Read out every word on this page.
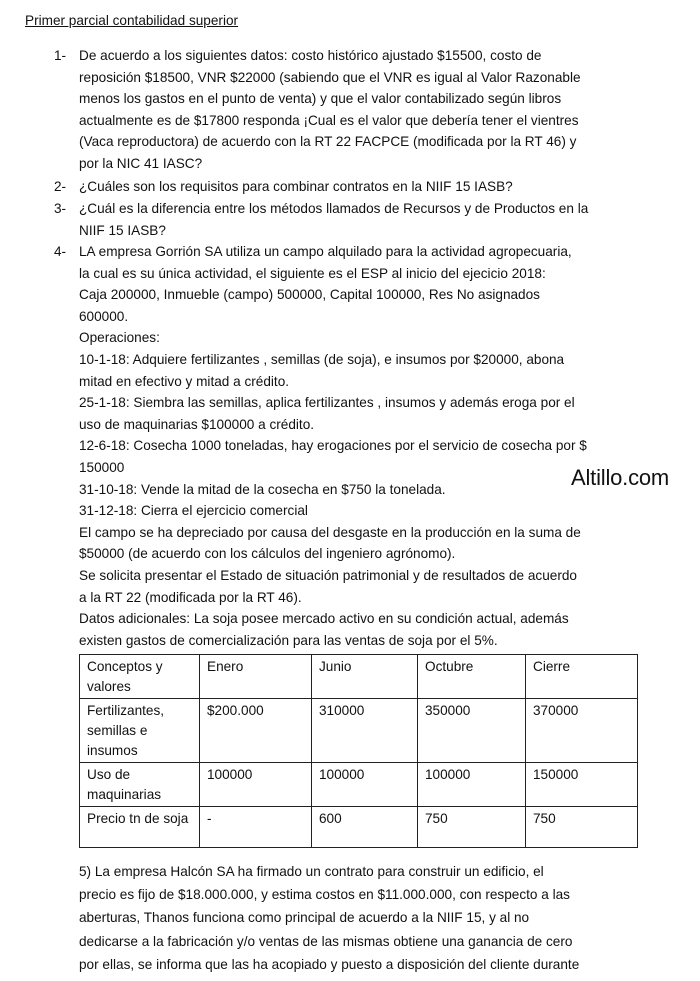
Primer parcial contabilidad superior
1- De acuerdo a los siguientes datos: costo histórico ajustado $15500, costo de
reposición $18500, VNR $22000 (sabiendo que el VNR es igual al Valor Razonable
menos los gastos en el punto de venta) y que el valor contabilizado según libros
actualmente es de $17800 responda ¡Cual es el valor que debería tener el vientres
(Vaca reproductora) de acuerdo con la RT 22 FACPCE (modificada por la RT 46) y
por la NIC 41 IASC?
2- ¿Cuáles son los requisitos para combinar contratos en la NIIF 15 IASB?
3- ¿Cuál es la diferencia entre los métodos llamados de Recursos y de Productos en la
NIIF 15 IASB?
4- LA empresa Gorrión SA utiliza un campo alquilado para la actividad agropecuaria,
la cual es su única actividad, el siguiente es el ESP al inicio del ejecicio 2018:
Caja 200000, Inmueble (campo) 500000, Capital 100000, Res No asignados
600000.
Operaciones:
10-1-18: Adquiere fertilizantes , semillas (de soja), e insumos por $20000, abona
mitad en efectivo y mitad a crédito.
25-1-18: Siembra las semillas, aplica fertilizantes , insumos y además eroga por el
uso de maquinarias $100000 a crédito.
12-6-18: Cosecha 1000 toneladas, hay erogaciones por el servicio de cosecha por $
150000
31-10-18: Vende la mitad de la cosecha en $750 la tonelada.
31-12-18: Cierra el ejercicio comercial
El campo se ha depreciado por causa del desgaste en la producción en la suma de
$50000 (de acuerdo con los cálculos del ingeniero agrónomo).
Se solicita presentar el Estado de situación patrimonial y de resultados de acuerdo
a la RT 22 (modificada por la RT 46).
Datos adicionales: La soja posee mercado activo en su condición actual, además
existen gastos de comercialización para las ventas de soja por el 5%.
Altillo.com
Conceptos y valores	Enero	Junio	Octubre	Cierre
Fertilizantes, semillas e insumos	$200.000	310000	350000	370000
Uso de maquinarias	100000	100000	100000	150000
Precio tn de soja	-	600	750	750
5) La empresa Halcón SA ha firmado un contrato para construir un edificio, el
precio es fijo de $18.000.000, y estima costos en $11.000.000, con respecto a las
aberturas, Thanos funciona como principal de acuerdo a la NIIF 15, y al no
dedicarse a la fabricación y/o ventas de las mismas obtiene una ganancia de cero
por ellas, se informa que las ha acopiado y puesto a disposición del cliente durante
